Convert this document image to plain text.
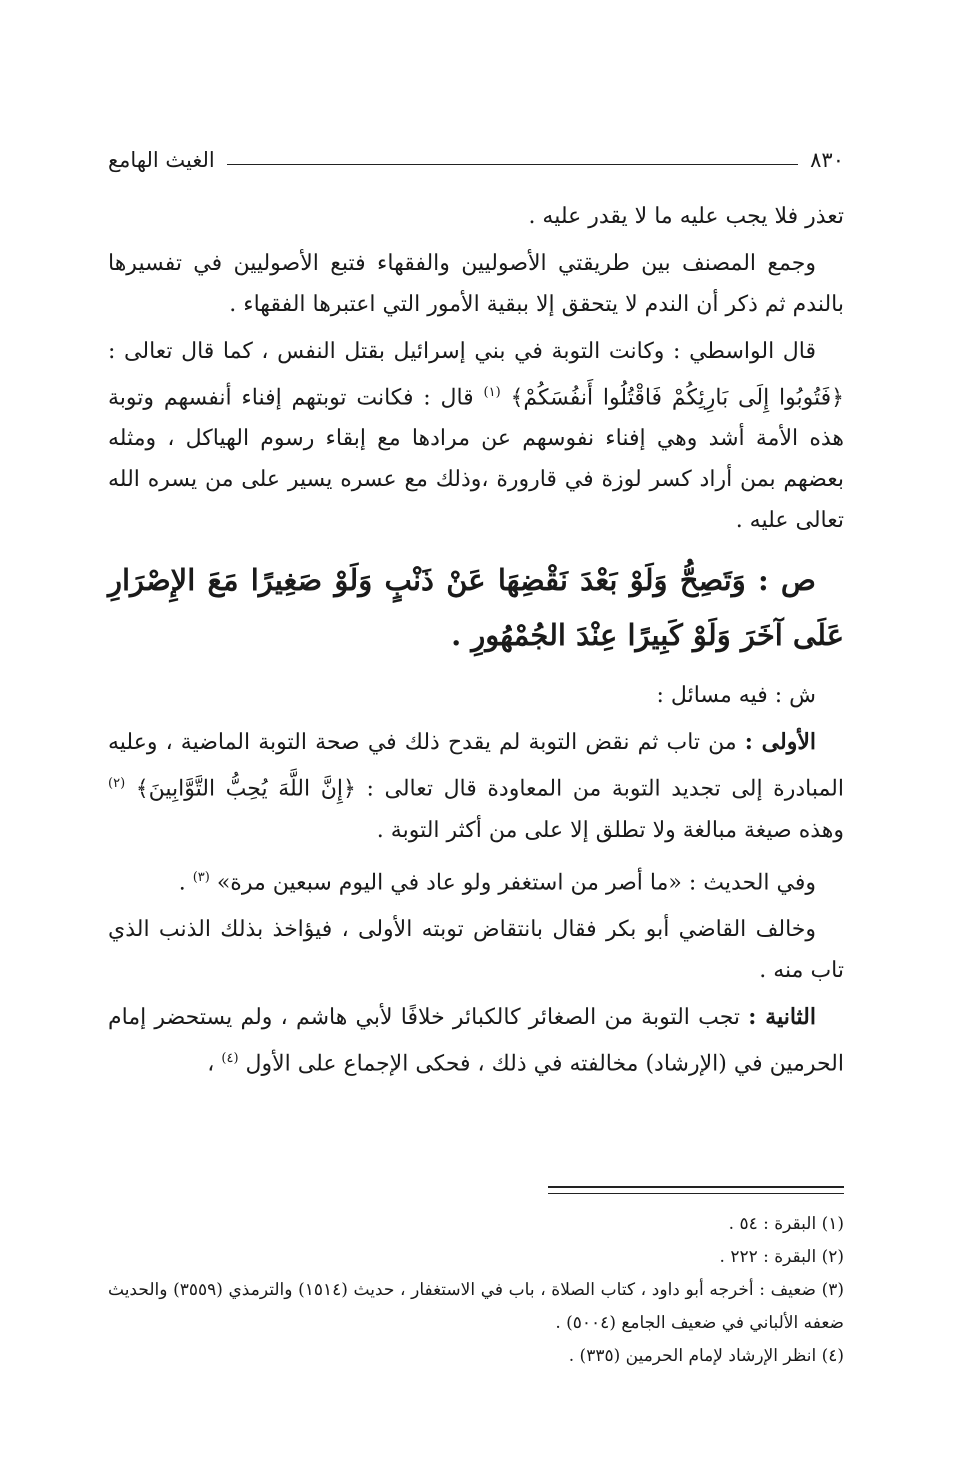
٨٣٠
الغيث الهامع

تعذر فلا يجب عليه ما لا يقدر عليه .

وجمع المصنف بين طريقتي الأصوليين والفقهاء فتبع الأصوليين في تفسيرها بالندم ثم ذكر أن الندم لا يتحقق إلا ببقية الأمور التي اعتبرها الفقهاء .

قال الواسطي : وكانت التوبة في بني إسرائيل بقتل النفس ، كما قال تعالى : ﴿فَتُوبُوا إِلَى بَارِئِكُمْ فَاقْتُلُوا أَنفُسَكُمْ﴾ $^{(١)}$ قال : فكانت توبتهم إفناء أنفسهم وتوبة هذه الأمة أشد وهي إفناء نفوسهم عن مرادها مع إبقاء رسوم الهياكل ، ومثله بعضهم بمن أراد كسر لوزة في قارورة ،وذلك مع عسره يسير على من يسره الله تعالى عليه .

ص : وَتَصِحُّ وَلَوْ بَعْدَ نَقْضِهَا عَنْ ذَنْبٍ وَلَوْ صَغِيرًا مَعَ الإِصْرَارِ عَلَى آخَرَ وَلَوْ كَبِيرًا عِنْدَ الجُمْهُورِ .

ش : فيه مسائل :

الأولى : من تاب ثم نقض التوبة لم يقدح ذلك في صحة التوبة الماضية ، وعليه المبادرة إلى تجديد التوبة من المعاودة قال تعالى : ﴿إِنَّ اللَّهَ يُحِبُّ التَّوَّابِينَ﴾ $^{(٢)}$ وهذه صيغة مبالغة ولا تطلق إلا على من أكثر التوبة .

وفي الحديث : «ما أصر من استغفر ولو عاد في اليوم سبعين مرة» $^{(٣)}$ .

وخالف القاضي أبو بكر فقال بانتقاض توبته الأولى ، فيؤاخذ بذلك الذنب الذي تاب منه .

الثانية : تجب التوبة من الصغائر كالكبائر خلافًا لأبي هاشم ، ولم يستحضر إمام الحرمين في (الإرشاد) مخالفته في ذلك ، فحكى الإجماع على الأول $^{(٤)}$ ،

(١) البقرة : ٥٤ .

(٢) البقرة : ٢٢٢ .

(٣) ضعيف : أخرجه أبو داود ، كتاب الصلاة ، باب في الاستغفار ، حديث (١٥١٤) والترمذي (٣٥٥٩) والحديث ضعفه الألباني في ضعيف الجامع (٥٠٠٤) .

(٤) انظر الإرشاد لإمام الحرمين (٣٣٥) .
